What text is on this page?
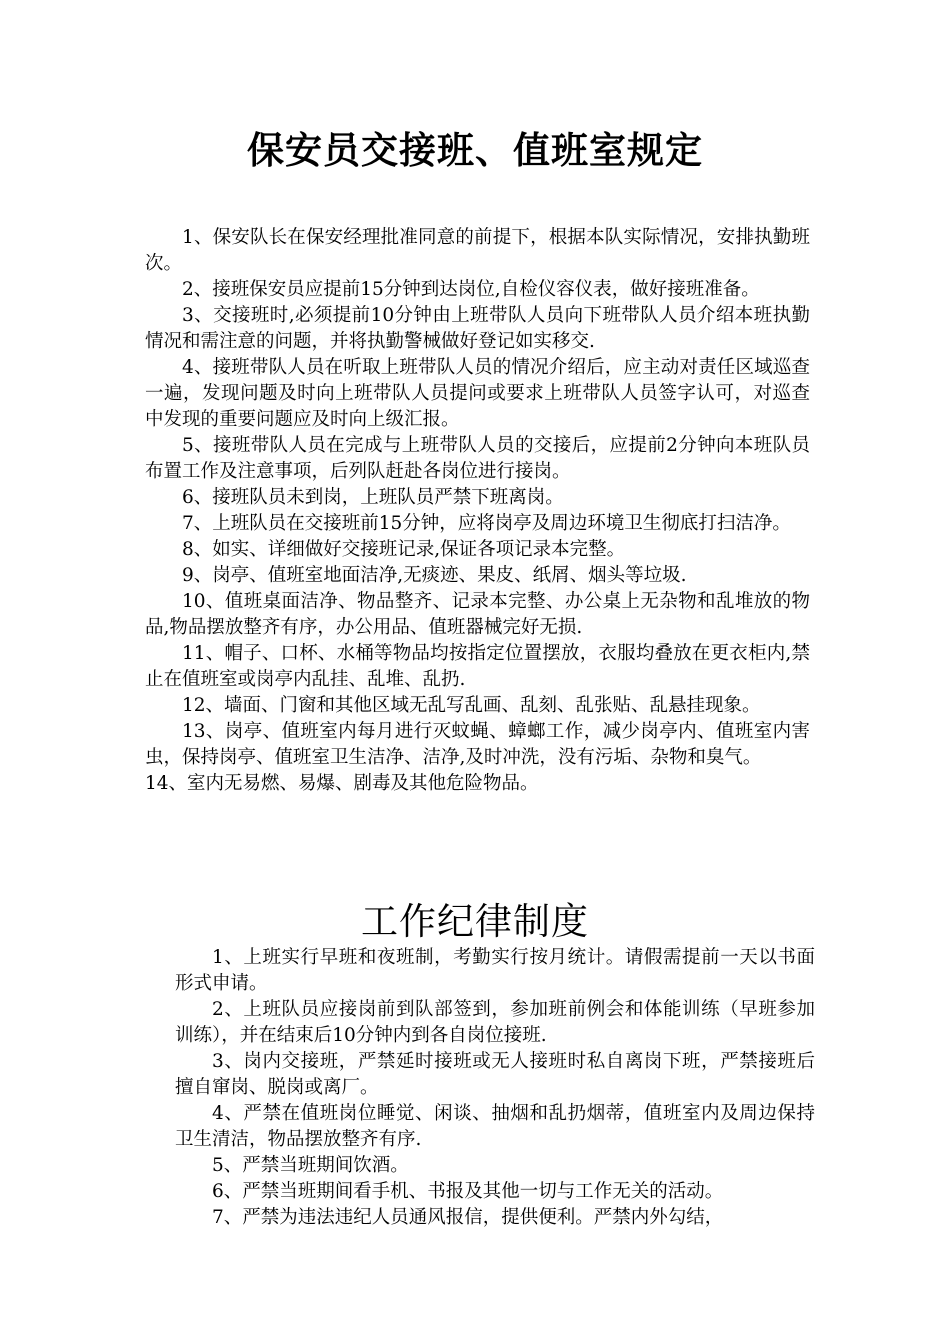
保安员交接班、值班室规定

1、保安队长在保安经理批准同意的前提下，根据本队实际情况，安排执勤班次。

2、接班保安员应提前15分钟到达岗位,自检仪容仪表，做好接班准备。

3、交接班时,必须提前10分钟由上班带队人员向下班带队人员介绍本班执勤情况和需注意的问题，并将执勤警械做好登记如实移交.

4、接班带队人员在听取上班带队人员的情况介绍后，应主动对责任区域巡查一遍，发现问题及时向上班带队人员提问或要求上班带队人员签字认可，对巡查中发现的重要问题应及时向上级汇报。

5、接班带队人员在完成与上班带队人员的交接后，应提前2分钟向本班队员布置工作及注意事项，后列队赶赴各岗位进行接岗。

6、接班队员未到岗，上班队员严禁下班离岗。

7、上班队员在交接班前15分钟，应将岗亭及周边环境卫生彻底打扫洁净。

8、如实、详细做好交接班记录,保证各项记录本完整。

9、岗亭、值班室地面洁净,无痰迹、果皮、纸屑、烟头等垃圾.

10、值班桌面洁净、物品整齐、记录本完整、办公桌上无杂物和乱堆放的物品,物品摆放整齐有序，办公用品、值班器械完好无损.

11、帽子、口杯、水桶等物品均按指定位置摆放，衣服均叠放在更衣柜内,禁止在值班室或岗亭内乱挂、乱堆、乱扔.

12、墙面、门窗和其他区域无乱写乱画、乱刻、乱张贴、乱悬挂现象。

13、岗亭、值班室内每月进行灭蚊蝇、蟑螂工作，减少岗亭内、值班室内害虫，保持岗亭、值班室卫生洁净、洁净,及时冲洗，没有污垢、杂物和臭气。

14、室内无易燃、易爆、剧毒及其他危险物品。

工作纪律制度

1、上班实行早班和夜班制，考勤实行按月统计。请假需提前一天以书面形式申请。

2、上班队员应接岗前到队部签到，参加班前例会和体能训练（早班参加训练），并在结束后10分钟内到各自岗位接班.

3、岗内交接班，严禁延时接班或无人接班时私自离岗下班，严禁接班后擅自窜岗、脱岗或离厂。

4、严禁在值班岗位睡觉、闲谈、抽烟和乱扔烟蒂，值班室内及周边保持卫生清洁，物品摆放整齐有序.

5、严禁当班期间饮酒。

6、严禁当班期间看手机、书报及其他一切与工作无关的活动。

7、严禁为违法违纪人员通风报信，提供便利。严禁内外勾结，
